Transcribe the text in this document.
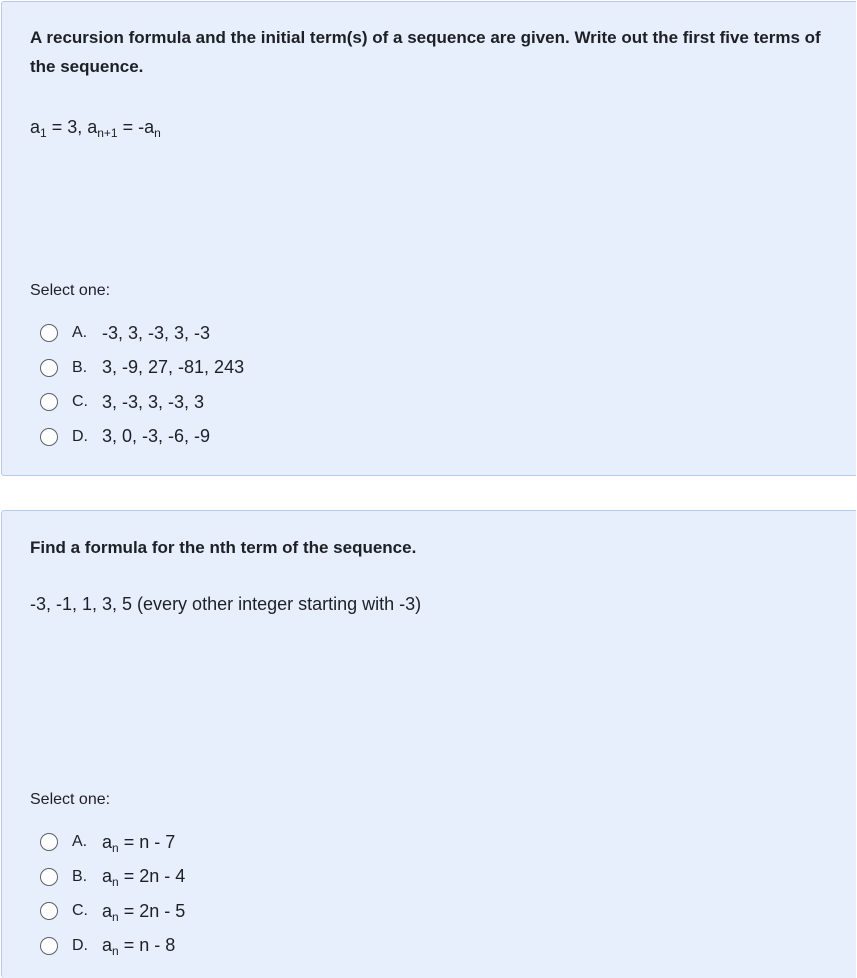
A recursion formula and the initial term(s) of a sequence are given. Write out the first five terms of the sequence.
$a_1 = 3$, $a_{n+1} = -a_n$
Select one:
A. -3, 3, -3, 3, -3
B. 3, -9, 27, -81, 243
C. 3, -3, 3, -3, 3
D. 3, 0, -3, -6, -9
Find a formula for the nth term of the sequence.
-3, -1, 1, 3, 5 (every other integer starting with -3)
Select one:
A. $a_n = n - 7$
B. $a_n = 2n - 4$
C. $a_n = 2n - 5$
D. $a_n = n - 8$
